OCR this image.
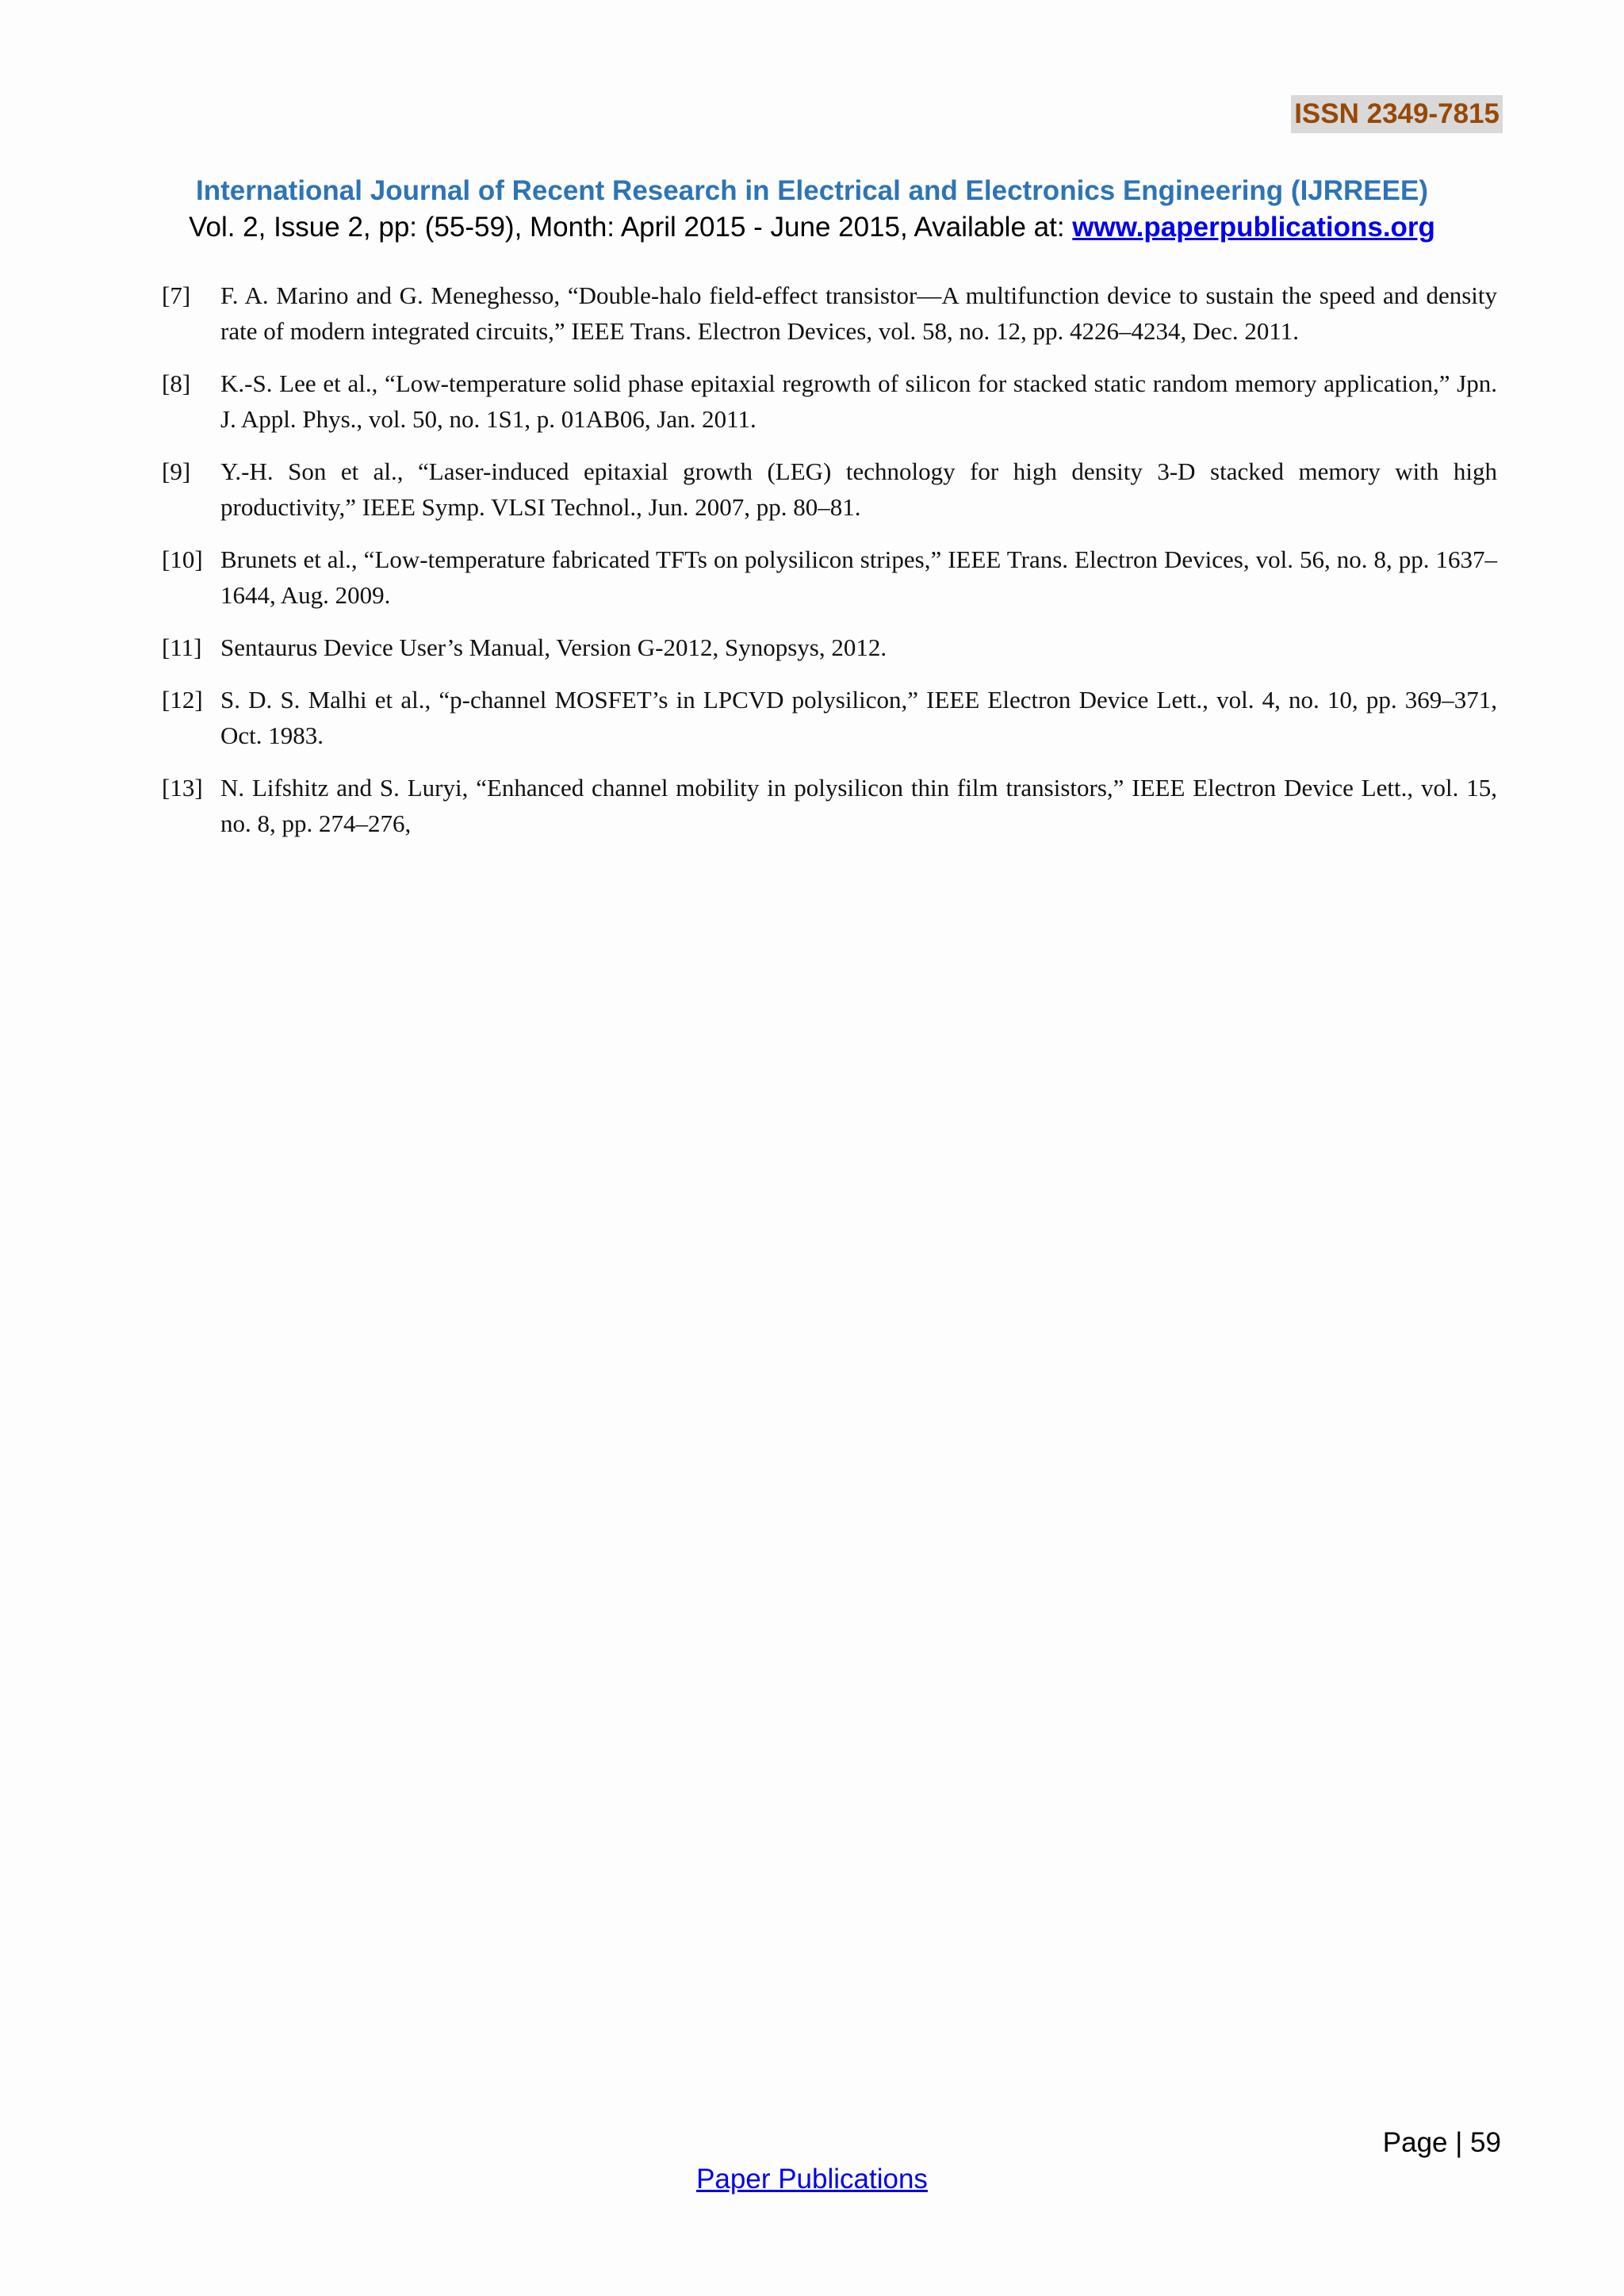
ISSN 2349-7815
International Journal of Recent Research in Electrical and Electronics Engineering (IJRREEE)
Vol. 2, Issue 2, pp: (55-59), Month: April 2015 - June 2015, Available at: www.paperpublications.org
[7]	F. A. Marino and G. Meneghesso, “Double-halo field-effect transistor—A multifunction device to sustain the speed and density rate of modern integrated circuits,” IEEE Trans. Electron Devices, vol. 58, no. 12, pp. 4226–4234, Dec. 2011.
[8]	K.-S. Lee et al., “Low-temperature solid phase epitaxial regrowth of silicon for stacked static random memory application,” Jpn. J. Appl. Phys., vol. 50, no. 1S1, p. 01AB06, Jan. 2011.
[9]	Y.-H. Son et al., “Laser-induced epitaxial growth (LEG) technology for high density 3-D stacked memory with high productivity,” IEEE Symp. VLSI Technol., Jun. 2007, pp. 80–81.
[10] Brunets et al., “Low-temperature fabricated TFTs on polysilicon stripes,” IEEE Trans. Electron Devices, vol. 56, no. 8, pp. 1637–1644, Aug. 2009.
[11] Sentaurus Device User’s Manual, Version G-2012, Synopsys, 2012.
[12] S. D. S. Malhi et al., “p-channel MOSFET’s in LPCVD polysilicon,” IEEE Electron Device Lett., vol. 4, no. 10, pp. 369–371, Oct. 1983.
[13] N. Lifshitz and S. Luryi, “Enhanced channel mobility in polysilicon thin film transistors,” IEEE Electron Device Lett., vol. 15, no. 8, pp. 274–276,
Page | 59
Paper Publications
